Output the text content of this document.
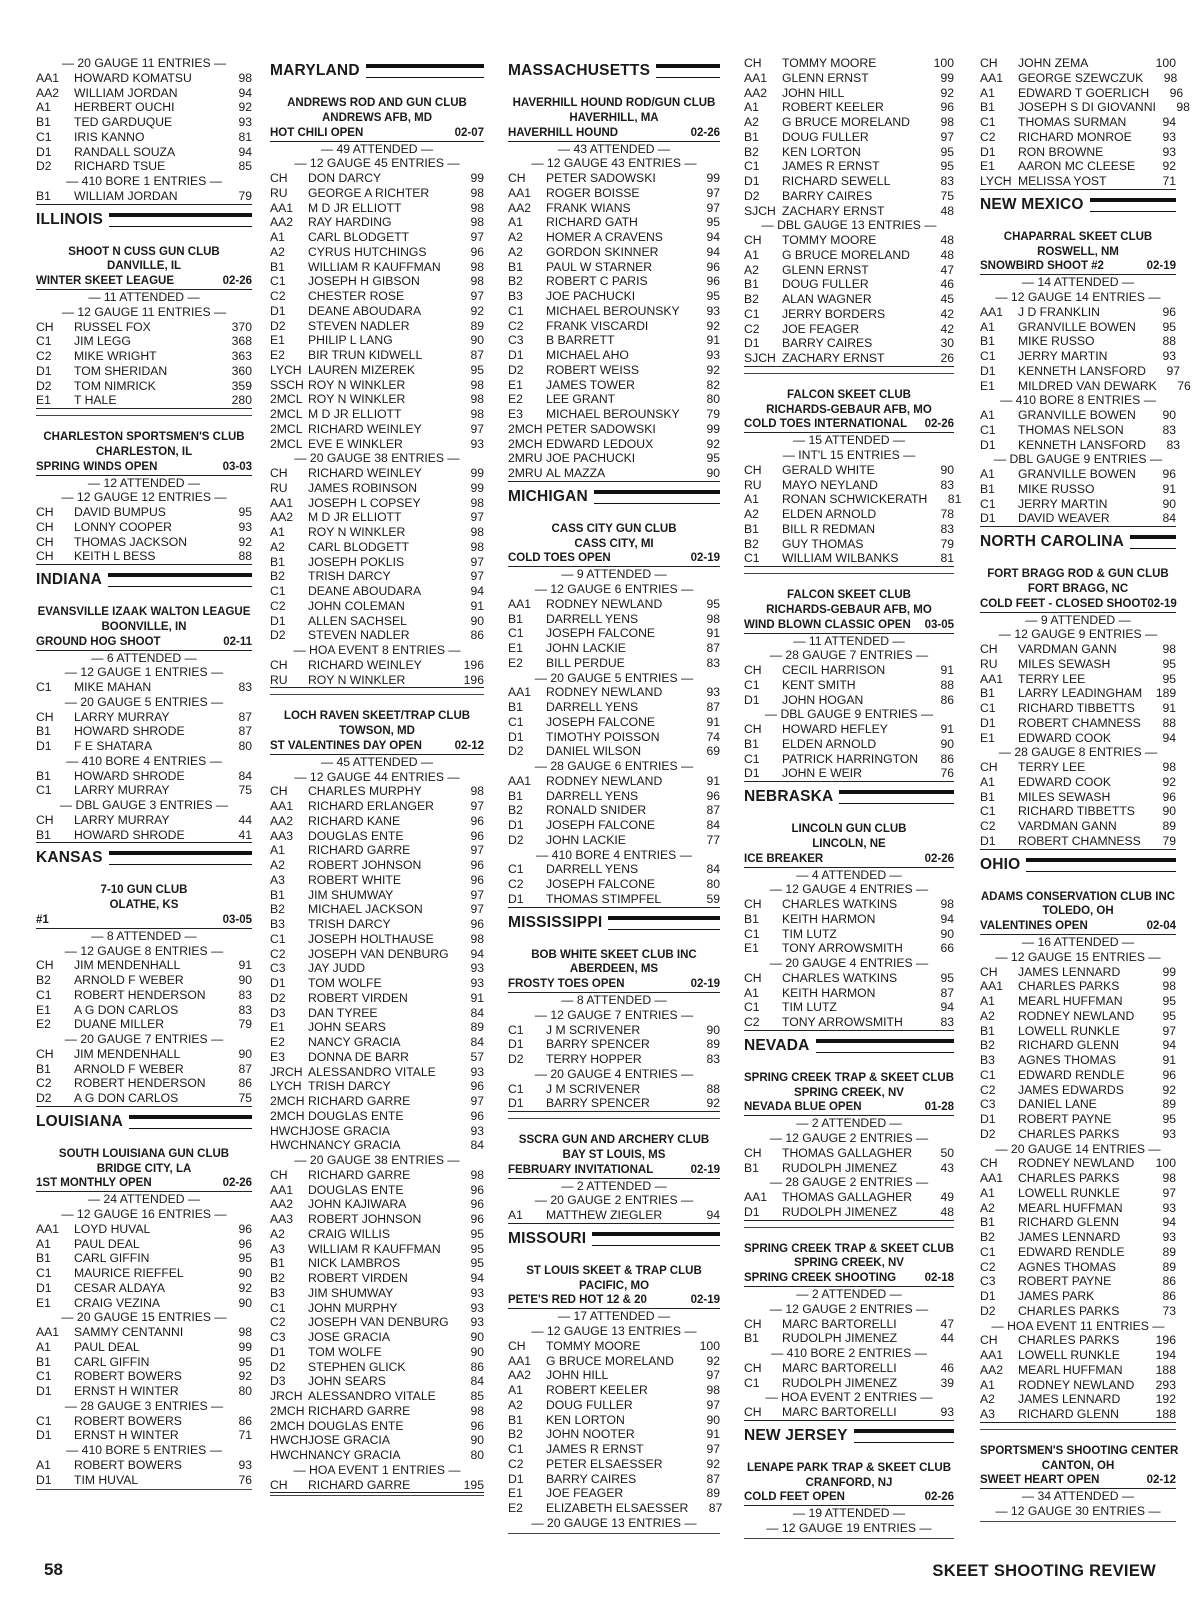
— 20 GAUGE 11 ENTRIES —
AA1	HOWARD KOMATSU	98
AA2	WILLIAM JORDAN	94
A1	HERBERT OUCHI	92
B1	TED GARDUQUE	93
C1	IRIS KANNO	81
D1	RANDALL SOUZA	94
D2	RICHARD TSUE	85
— 410 BORE 1 ENTRIES —
B1	WILLIAM JORDAN	79
ILLINOIS
SHOOT N CUSS GUN CLUB
DANVILLE, IL
WINTER SKEET LEAGUE	02-26
— 11 ATTENDED —
— 12 GAUGE 11 ENTRIES —
CH	RUSSEL FOX	370
C1	JIM LEGG	368
C2	MIKE WRIGHT	363
D1	TOM SHERIDAN	360
D2	TOM NIMRICK	359
E1	T HALE	280
CHARLESTON SPORTSMEN'S CLUB
CHARLESTON, IL
SPRING WINDS OPEN	03-03
— 12 ATTENDED —
— 12 GAUGE 12 ENTRIES —
CH	DAVID BUMPUS	95
CH	LONNY COOPER	93
CH	THOMAS JACKSON	92
CH	KEITH L BESS	88
INDIANA
EVANSVILLE IZAAK WALTON LEAGUE
BOONVILLE, IN
GROUND HOG SHOOT	02-11
— 6 ATTENDED —
— 12 GAUGE 1 ENTRIES —
C1	MIKE MAHAN	83
— 20 GAUGE 5 ENTRIES —
CH	LARRY MURRAY	87
B1	HOWARD SHRODE	87
D1	F E SHATARA	80
— 410 BORE 4 ENTRIES —
B1	HOWARD SHRODE	84
C1	LARRY MURRAY	75
— DBL GAUGE 3 ENTRIES —
CH	LARRY MURRAY	44
B1	HOWARD SHRODE	41
KANSAS
7-10 GUN CLUB
OLATHE, KS
#1	03-05
— 8 ATTENDED —
— 12 GAUGE 8 ENTRIES —
CH	JIM MENDENHALL	91
B2	ARNOLD F WEBER	90
C1	ROBERT HENDERSON	83
E1	A G DON CARLOS	83
E2	DUANE MILLER	79
— 20 GAUGE 7 ENTRIES —
CH	JIM MENDENHALL	90
B1	ARNOLD F WEBER	87
C2	ROBERT HENDERSON	86
D2	A G DON CARLOS	75
LOUISIANA
SOUTH LOUISIANA GUN CLUB
BRIDGE CITY, LA
1ST MONTHLY OPEN	02-26
— 24 ATTENDED —
— 12 GAUGE 16 ENTRIES —
AA1	LOYD HUVAL	96
A1	PAUL DEAL	96
B1	CARL GIFFIN	95
C1	MAURICE RIEFFEL	90
D1	CESAR ALDAYA	92
E1	CRAIG VEZINA	90
— 20 GAUGE 15 ENTRIES —
AA1	SAMMY CENTANNI	98
A1	PAUL DEAL	99
B1	CARL GIFFIN	95
C1	ROBERT BOWERS	92
D1	ERNST H WINTER	80
— 28 GAUGE 3 ENTRIES —
C1	ROBERT BOWERS	86
D1	ERNST H WINTER	71
— 410 BORE 5 ENTRIES —
A1	ROBERT BOWERS	93
D1	TIM HUVAL	76
MARYLAND
ANDREWS ROD AND GUN CLUB
ANDREWS AFB, MD
HOT CHILI OPEN	02-07
— 49 ATTENDED —
— 12 GAUGE 45 ENTRIES —
CH	DON DARCY	99
RU	GEORGE A RICHTER	98
AA1	M D JR ELLIOTT	98
AA2	RAY HARDING	98
A1	CARL BLODGETT	97
A2	CYRUS HUTCHINGS	96
B1	WILLIAM R KAUFFMAN	98
C1	JOSEPH H GIBSON	98
C2	CHESTER ROSE	97
D1	DEANE ABOUDARA	92
D2	STEVEN NADLER	89
E1	PHILIP L LANG	90
E2	BIR TRUN KIDWELL	87
LYCH LAUREN MIZEREK	95
SSCH ROY N WINKLER	98
2MCL ROY N WINKLER	98
2MCL M D JR ELLIOTT	98
2MCL RICHARD WEINLEY	97
2MCL EVE E WINKLER	93
— 20 GAUGE 38 ENTRIES —
CH	RICHARD WEINLEY	99
RU	JAMES ROBINSON	99
AA1	JOSEPH L COPSEY	98
AA2	M D JR ELLIOTT	97
A1	ROY N WINKLER	98
A2	CARL BLODGETT	98
B1	JOSEPH POKLIS	97
B2	TRISH DARCY	97
C1	DEANE ABOUDARA	94
C2	JOHN COLEMAN	91
D1	ALLEN SACHSEL	90
D2	STEVEN NADLER	86
— HOA EVENT 8 ENTRIES —
CH	RICHARD WEINLEY	196
RU	ROY N WINKLER	196
LOCH RAVEN SKEET/TRAP CLUB
TOWSON, MD
ST VALENTINES DAY OPEN	02-12
— 45 ATTENDED —
— 12 GAUGE 44 ENTRIES —
CH	CHARLES MURPHY	98
AA1	RICHARD ERLANGER	97
AA2	RICHARD KANE	96
AA3	DOUGLAS ENTE	96
A1	RICHARD GARRE	97
A2	ROBERT JOHNSON	96
A3	ROBERT WHITE	96
B1	JIM SHUMWAY	97
B2	MICHAEL JACKSON	97
B3	TRISH DARCY	96
C1	JOSEPH HOLTHAUSE	98
C2	JOSEPH VAN DENBURG	94
C3	JAY JUDD	93
D1	TOM WOLFE	93
D2	ROBERT VIRDEN	91
D3	DAN TYREE	84
E1	JOHN SEARS	89
E2	NANCY GRACIA	84
E3	DONNA DE BARR	57
JRCH ALESSANDRO VITALE	93
LYCH TRISH DARCY	96
2MCH RICHARD GARRE	97
2MCH DOUGLAS ENTE	96
HWCH JOSE GRACIA	93
HWCH NANCY GRACIA	84
— 20 GAUGE 38 ENTRIES —
CH	RICHARD GARRE	98
AA1	DOUGLAS ENTE	96
AA2	JOHN KAJIWARA	96
AA3	ROBERT JOHNSON	96
A2	CRAIG WILLIS	95
A3	WILLIAM R KAUFFMAN	95
B1	NICK LAMBROS	95
B2	ROBERT VIRDEN	94
B3	JIM SHUMWAY	93
C1	JOHN MURPHY	93
C2	JOSEPH VAN DENBURG	93
C3	JOSE GRACIA	90
D1	TOM WOLFE	90
D2	STEPHEN GLICK	86
D3	JOHN SEARS	84
JRCH ALESSANDRO VITALE	85
2MCH RICHARD GARRE	98
2MCH DOUGLAS ENTE	96
HWCH JOSE GRACIA	90
HWCH NANCY GRACIA	80
— HOA EVENT 1 ENTRIES —
CH	RICHARD GARRE	195
MASSACHUSETTS
HAVERHILL HOUND ROD/GUN CLUB
HAVERHILL, MA
HAVERHILL HOUND	02-26
— 43 ATTENDED —
— 12 GAUGE 43 ENTRIES —
CH	PETER SADOWSKI	99
AA1	ROGER BOISSE	97
AA2	FRANK WIANS	97
A1	RICHARD GATH	95
A2	HOMER A CRAVENS	94
A2	GORDON SKINNER	94
B1	PAUL W STARNER	96
B2	ROBERT C PARIS	96
B3	JOE PACHUCKI	95
C1	MICHAEL BEROUNSKY	93
C2	FRANK VISCARDI	92
C3	B BARRETT	91
D1	MICHAEL AHO	93
D2	ROBERT WEISS	92
E1	JAMES TOWER	82
E2	LEE GRANT	80
E3	MICHAEL BEROUNSKY	79
2MCH PETER SADOWSKI	99
2MCH EDWARD LEDOUX	92
2MRU JOE PACHUCKI	95
2MRU AL MAZZA	90
MICHIGAN
CASS CITY GUN CLUB
CASS CITY, MI
COLD TOES OPEN	02-19
— 9 ATTENDED —
— 12 GAUGE 6 ENTRIES —
AA1	RODNEY NEWLAND	95
B1	DARRELL YENS	98
C1	JOSEPH FALCONE	91
E1	JOHN LACKIE	87
E2	BILL PERDUE	83
— 20 GAUGE 5 ENTRIES —
AA1	RODNEY NEWLAND	93
B1	DARRELL YENS	87
C1	JOSEPH FALCONE	91
D1	TIMOTHY POISSON	74
D2	DANIEL WILSON	69
— 28 GAUGE 6 ENTRIES —
AA1	RODNEY NEWLAND	91
B1	DARRELL YENS	96
B2	RONALD SNIDER	87
D1	JOSEPH FALCONE	84
D2	JOHN LACKIE	77
— 410 BORE 4 ENTRIES —
C1	DARRELL YENS	84
C2	JOSEPH FALCONE	80
D1	THOMAS STIMPFEL	59
MISSISSIPPI
BOB WHITE SKEET CLUB INC
ABERDEEN, MS
FROSTY TOES OPEN	02-19
— 8 ATTENDED —
— 12 GAUGE 7 ENTRIES —
C1	J M SCRIVENER	90
D1	BARRY SPENCER	89
D2	TERRY HOPPER	83
— 20 GAUGE 4 ENTRIES —
C1	J M SCRIVENER	88
D1	BARRY SPENCER	92
SSCRA GUN AND ARCHERY CLUB
BAY ST LOUIS, MS
FEBRUARY INVITATIONAL	02-19
— 2 ATTENDED —
— 20 GAUGE 2 ENTRIES —
A1	MATTHEW ZIEGLER	94
MISSOURI
ST LOUIS SKEET & TRAP CLUB
PACIFIC, MO
PETE'S RED HOT 12 & 20	02-19
— 17 ATTENDED —
— 12 GAUGE 13 ENTRIES —
CH	TOMMY MOORE	100
AA1	G BRUCE MORELAND	92
AA2	JOHN HILL	97
A1	ROBERT KEELER	98
A2	DOUG FULLER	97
B1	KEN LORTON	90
B2	JOHN NOOTER	91
C1	JAMES R ERNST	97
C2	PETER ELSAESSER	92
D1	BARRY CAIRES	87
E1	JOE FEAGER	89
E2	ELIZABETH ELSAESSER	87
— 20 GAUGE 13 ENTRIES —
CH	TOMMY MOORE	100
AA1	GLENN ERNST	99
AA2	JOHN HILL	92
A1	ROBERT KEELER	96
A2	G BRUCE MORELAND	98
B1	DOUG FULLER	97
B2	KEN LORTON	95
C1	JAMES R ERNST	95
D1	RICHARD SEWELL	83
D2	BARRY CAIRES	75
SJCH ZACHARY ERNST	48
— DBL GAUGE 13 ENTRIES —
CH	TOMMY MOORE	48
A1	G BRUCE MORELAND	48
A2	GLENN ERNST	47
B1	DOUG FULLER	46
B2	ALAN WAGNER	45
C1	JERRY BORDERS	42
C2	JOE FEAGER	42
D1	BARRY CAIRES	30
SJCH ZACHARY ERNST	26
FALCON SKEET CLUB
RICHARDS-GEBAUR AFB, MO
COLD TOES INTERNATIONAL 02-26
— 15 ATTENDED —
— INT'L 15 ENTRIES —
CH	GERALD WHITE	90
RU	MAYO NEYLAND	83
A1	RONAN SCHWICKERATH	81
A2	ELDEN ARNOLD	78
B1	BILL R REDMAN	83
B2	GUY THOMAS	79
C1	WILLIAM WILBANKS	81
FALCON SKEET CLUB
RICHARDS-GEBAUR AFB, MO
WIND BLOWN CLASSIC OPEN 03-05
— 11 ATTENDED —
— 28 GAUGE 7 ENTRIES —
CH	CECIL HARRISON	91
C1	KENT SMITH	88
D1	JOHN HOGAN	86
— DBL GAUGE 9 ENTRIES —
CH	HOWARD HEFLEY	91
B1	ELDEN ARNOLD	90
C1	PATRICK HARRINGTON	86
D1	JOHN E WEIR	76
NEBRASKA
LINCOLN GUN CLUB
LINCOLN, NE
ICE BREAKER	02-26
— 4 ATTENDED —
— 12 GAUGE 4 ENTRIES —
CH	CHARLES WATKINS	98
B1	KEITH HARMON	94
C1	TIM LUTZ	90
E1	TONY ARROWSMITH	66
— 20 GAUGE 4 ENTRIES —
CH	CHARLES WATKINS	95
A1	KEITH HARMON	87
C1	TIM LUTZ	94
C2	TONY ARROWSMITH	83
NEVADA
SPRING CREEK TRAP & SKEET CLUB
SPRING CREEK, NV
NEVADA BLUE OPEN	01-28
— 2 ATTENDED —
— 12 GAUGE 2 ENTRIES —
CH	THOMAS GALLAGHER	50
B1	RUDOLPH JIMENEZ	43
— 28 GAUGE 2 ENTRIES —
AA1	THOMAS GALLAGHER	49
D1	RUDOLPH JIMENEZ	48
SPRING CREEK TRAP & SKEET CLUB
SPRING CREEK, NV
SPRING CREEK SHOOTING 02-18
— 2 ATTENDED —
— 12 GAUGE 2 ENTRIES —
CH	MARC BARTORELLI	47
B1	RUDOLPH JIMENEZ	44
— 410 BORE 2 ENTRIES —
CH	MARC BARTORELLI	46
C1	RUDOLPH JIMENEZ	39
— HOA EVENT 2 ENTRIES —
CH	MARC BARTORELLI	93
NEW JERSEY
LENAPE PARK TRAP & SKEET CLUB
CRANFORD, NJ
COLD FEET OPEN	02-26
— 19 ATTENDED —
— 12 GAUGE 19 ENTRIES —
CH	JOHN ZEMA	100
AA1	GEORGE SZEWCZUK	98
A1	EDWARD T GOERLICH	96
B1	JOSEPH S DI GIOVANNI	98
C1	THOMAS SURMAN	94
C2	RICHARD MONROE	93
D1	RON BROWNE	93
E1	AARON MC CLEESE	92
LYCH MELISSA YOST	71
NEW MEXICO
CHAPARRAL SKEET CLUB
ROSWELL, NM
SNOWBIRD SHOOT #2	02-19
— 14 ATTENDED —
— 12 GAUGE 14 ENTRIES —
AA1	J D FRANKLIN	96
A1	GRANVILLE BOWEN	95
B1	MIKE RUSSO	88
C1	JERRY MARTIN	93
D1	KENNETH LANSFORD	97
E1	MILDRED VAN DEWARK	76
— 410 BORE 8 ENTRIES —
A1	GRANVILLE BOWEN	90
C1	THOMAS NELSON	83
D1	KENNETH LANSFORD	83
— DBL GAUGE 9 ENTRIES —
A1	GRANVILLE BOWEN	96
B1	MIKE RUSSO	91
C1	JERRY MARTIN	90
D1	DAVID WEAVER	84
NORTH CAROLINA
FORT BRAGG ROD & GUN CLUB
FORT BRAGG, NC
COLD FEET - CLOSED SHOOT 02-19
— 9 ATTENDED —
— 12 GAUGE 9 ENTRIES —
CH	VARDMAN GANN	98
RU	MILES SEWASH	95
AA1	TERRY LEE	95
B1	LARRY LEADINGHAM	189
C1	RICHARD TIBBETTS	91
D1	ROBERT CHAMNESS	88
E1	EDWARD COOK	94
— 28 GAUGE 8 ENTRIES —
CH	TERRY LEE	98
A1	EDWARD COOK	92
B1	MILES SEWASH	96
C1	RICHARD TIBBETTS	90
C2	VARDMAN GANN	89
D1	ROBERT CHAMNESS	79
OHIO
ADAMS CONSERVATION CLUB INC
TOLEDO, OH
VALENTINES OPEN	02-04
— 16 ATTENDED —
— 12 GAUGE 15 ENTRIES —
CH	JAMES LENNARD	99
AA1	CHARLES PARKS	98
A1	MEARL HUFFMAN	95
A2	RODNEY NEWLAND	95
B1	LOWELL RUNKLE	97
B2	RICHARD GLENN	94
B3	AGNES THOMAS	91
C1	EDWARD RENDLE	96
C2	JAMES EDWARDS	92
C3	DANIEL LANE	89
D1	ROBERT PAYNE	95
D2	CHARLES PARKS	93
— 20 GAUGE 14 ENTRIES —
CH	RODNEY NEWLAND	100
AA1	CHARLES PARKS	98
A1	LOWELL RUNKLE	97
A2	MEARL HUFFMAN	93
B1	RICHARD GLENN	94
B2	JAMES LENNARD	93
C1	EDWARD RENDLE	89
C2	AGNES THOMAS	89
C3	ROBERT PAYNE	86
D1	JAMES PARK	86
D2	CHARLES PARKS	73
— HOA EVENT 11 ENTRIES —
CH	CHARLES PARKS	196
AA1	LOWELL RUNKLE	194
AA2	MEARL HUFFMAN	188
A1	RODNEY NEWLAND	293
A2	JAMES LENNARD	192
A3	RICHARD GLENN	188
SPORTSMEN'S SHOOTING CENTER
CANTON, OH
SWEET HEART OPEN	02-12
— 34 ATTENDED —
— 12 GAUGE 30 ENTRIES —
58	SKEET SHOOTING REVIEW
